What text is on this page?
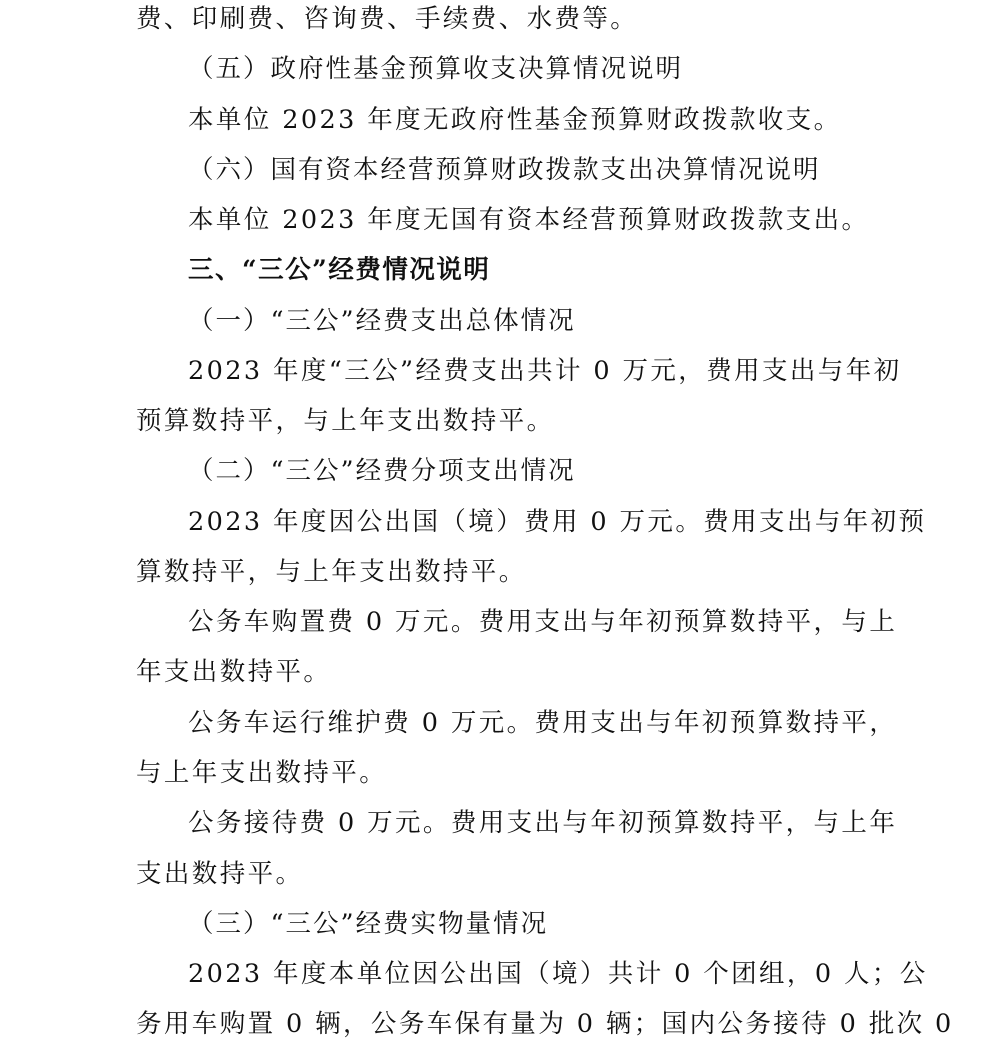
费、印刷费、咨询费、手续费、水费等。
（五）政府性基金预算收支决算情况说明
本单位 2023 年度无政府性基金预算财政拨款收支。
（六）国有资本经营预算财政拨款支出决算情况说明
本单位 2023 年度无国有资本经营预算财政拨款支出。
三、“三公”经费情况说明
（一）“三公”经费支出总体情况
2023 年度“三公”经费支出共计 0 万元，费用支出与年初
预算数持平，与上年支出数持平。
（二）“三公”经费分项支出情况
2023 年度因公出国（境）费用 0 万元。费用支出与年初预
算数持平，与上年支出数持平。
公务车购置费 0 万元。费用支出与年初预算数持平，与上
年支出数持平。
公务车运行维护费 0 万元。费用支出与年初预算数持平，
与上年支出数持平。
公务接待费 0 万元。费用支出与年初预算数持平，与上年
支出数持平。
（三）“三公”经费实物量情况
2023 年度本单位因公出国（境）共计 0 个团组，0 人；公
务用车购置 0 辆，公务车保有量为 0 辆；国内公务接待 0 批次 0
